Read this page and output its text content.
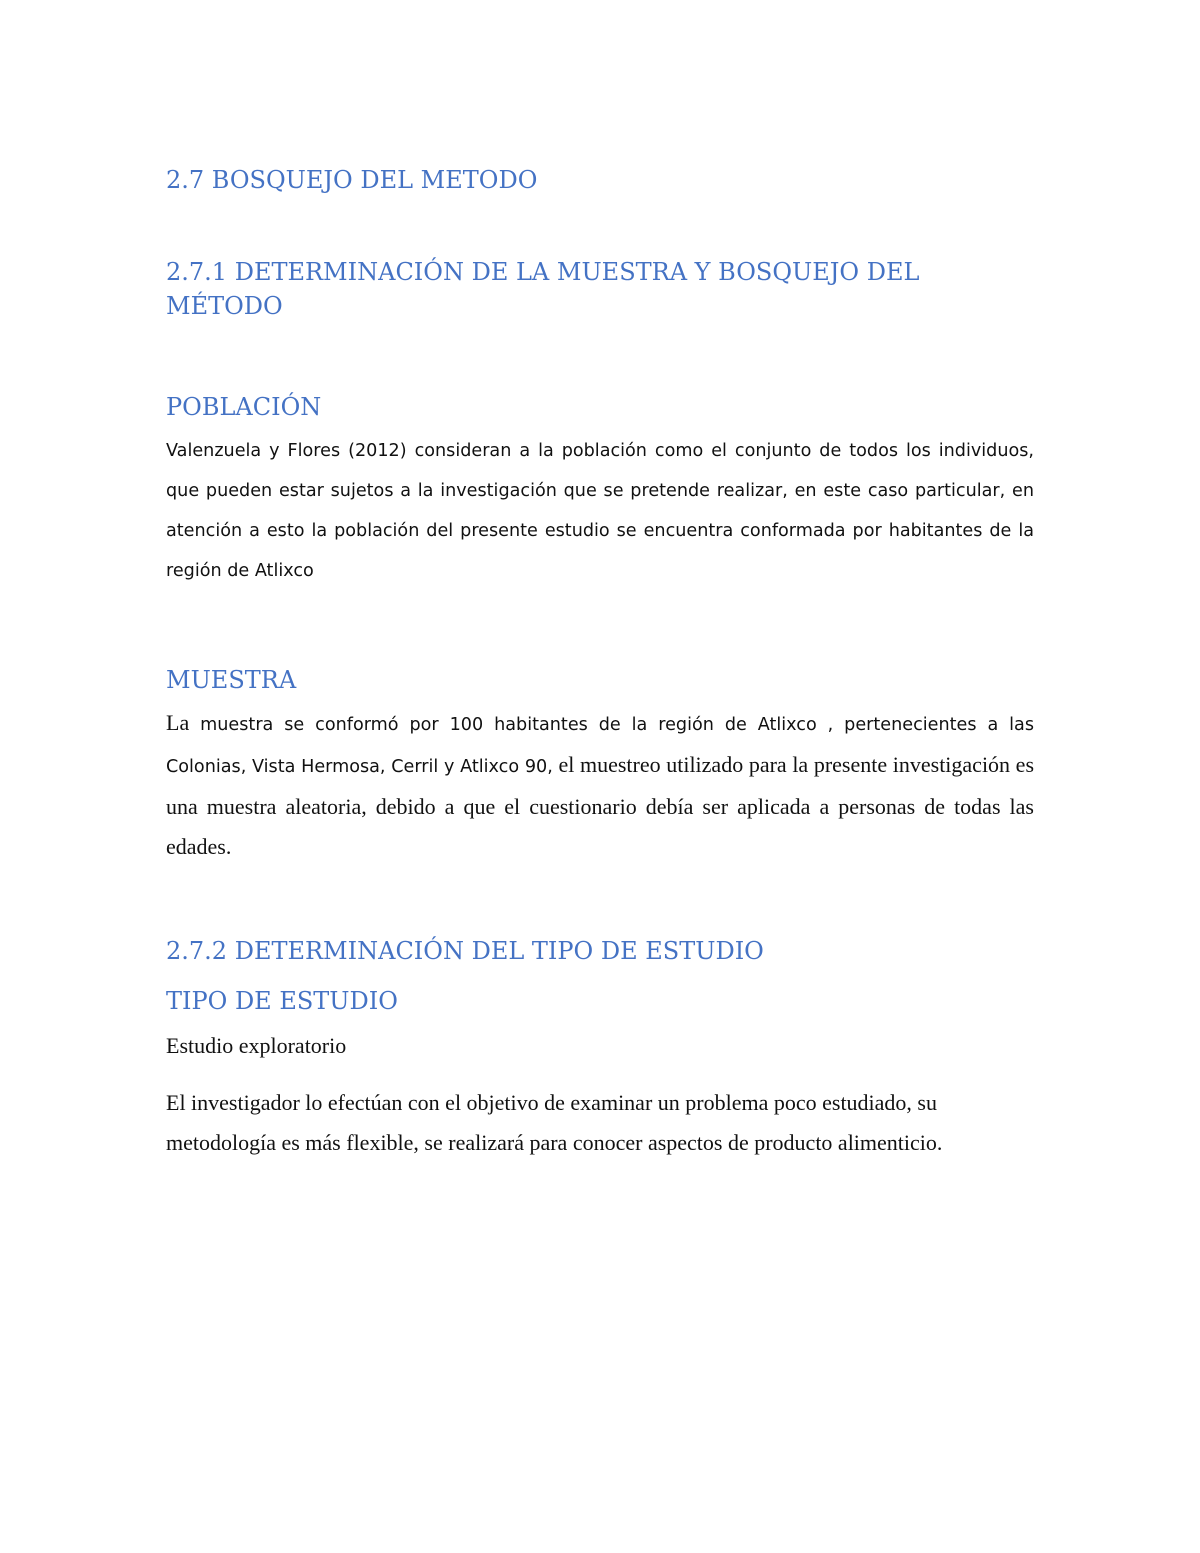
2.7 BOSQUEJO DEL METODO
2.7.1 DETERMINACIÓN DE LA MUESTRA Y BOSQUEJO DEL MÉTODO
POBLACIÓN

Valenzuela y Flores (2012) consideran a la población como el conjunto de todos los individuos, que pueden estar sujetos a la investigación que se pretende realizar, en este caso particular, en atención a esto la población del presente estudio se encuentra conformada por habitantes de la región de Atlixco

MUESTRA

La muestra se conformó por 100 habitantes de la región de Atlixco , pertenecientes a las Colonias, Vista Hermosa, Cerril y Atlixco 90, el muestreo utilizado para la presente investigación es una muestra aleatoria, debido a que el cuestionario debía ser aplicada a personas de todas las edades.

2.7.2 DETERMINACIÓN DEL TIPO DE ESTUDIO
TIPO DE ESTUDIO

Estudio exploratorio

El investigador lo efectúan con el objetivo de examinar un problema poco estudiado, su metodología es más flexible, se realizará para conocer aspectos de producto alimenticio.
